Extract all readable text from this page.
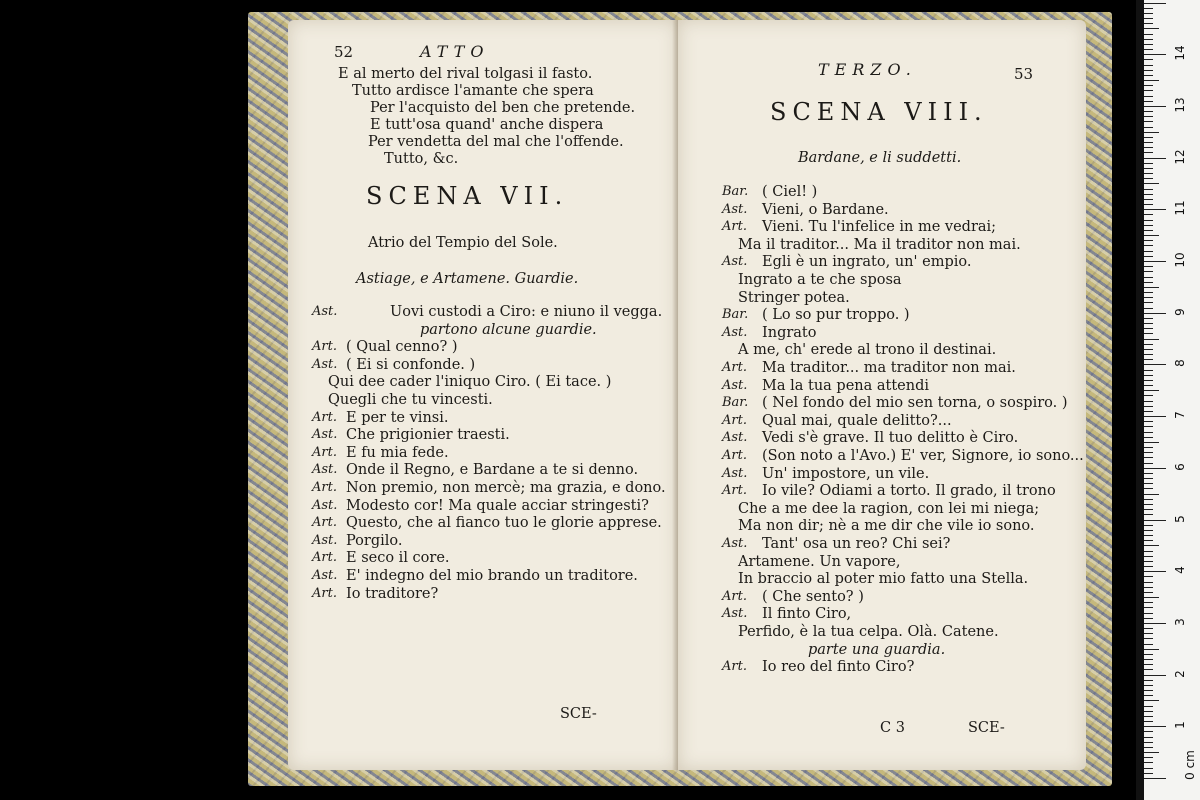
52	ATTO
E al merto del rival tolgasi il fasto.
Tutto ardisce l'amante che spera
Per l'acquisto del ben che pretende.
E tutt'osa quand' anche dispera
Per vendetta del mal che l'offende.
Tutto, &c.
SCENA VII.
Atrio del Tempio del Sole.
Astiage, e Artamene. Guardie.
Ast.	Uovi custodi a Ciro: e niuno il vegga.
partono alcune guardie.
Art. ( Qual cenno? )
Ast. ( Ei si confonde. )
Qui dee cader l'iniquo Ciro. ( Ei tace. )
Quegli che tu vincesti.
Art. E per te vinsi.
Ast. Che prigionier traesti.
Art. E fu mia fede.
Ast. Onde il Regno, e Bardane a te si denno.
Art. Non premio, non mercè; ma grazia, e dono.
Ast. Modesto cor! Ma quale acciar stringesti?
Art. Questo, che al fianco tuo le glorie apprese.
Ast. Porgilo.
Art. E seco il core.
Ast. E' indegno del mio brando un traditore.
Art. Io traditore?
SCE-
TERZO.	53
SCENA VIII.
Bardane, e li suddetti.
Bar. ( Ciel! )
Ast. Vieni, o Bardane.
Art. Vieni. Tu l'infelice in me vedrai;
Ma il traditor... Ma il traditor non mai.
Ast. Egli è un ingrato, un' empio.
Ingrato a te che sposa
Stringer potea.
Bar. ( Lo so pur troppo. )
Ast. Ingrato
A me, ch' erede al trono il destinai.
Art. Ma traditor... ma traditor non mai.
Ast. Ma la tua pena attendi
Bar. ( Nel fondo del mio sen torna, o sospiro. )
Art. Qual mai, quale delitto?...
Ast. Vedi s'è grave. Il tuo delitto è Ciro.
Art. (Son noto a l'Avo.) E' ver, Signore, io sono...
Ast. Un' impostore, un vile.
Art. Io vile? Odiami a torto. Il grado, il trono
Che a me dee la ragion, con lei mi niega;
Ma non dir; nè a me dir che vile io sono.
Ast. Tant' osa un reo? Chi sei?
Artamene. Un vapore,
In braccio al poter mio fatto una Stella.
Art. ( Che sento? )
Ast. Il finto Ciro,
Perfido, è la tua celpa. Olà. Catene.
parte una guardia.
Art. Io reo del finto Ciro?
C 3	SCE-
0 cm
1
2
3
4
5
6
7
8
9
10
11
12
13
14
